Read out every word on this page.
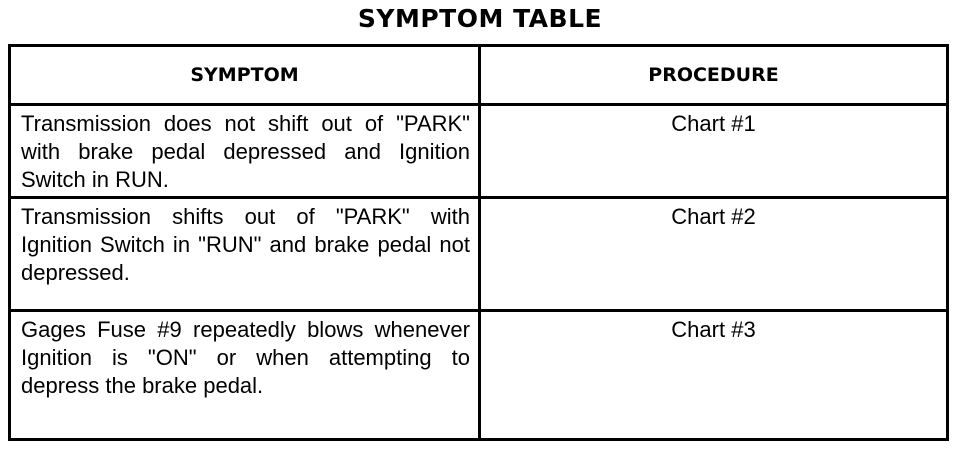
SYMPTOM TABLE
SYMPTOM	PROCEDURE
Transmission does not shift out of "PARK" with brake pedal depressed and Ignition Switch in RUN.	Chart #1
Transmission shifts out of "PARK" with Ignition Switch in "RUN" and brake pedal not depressed.	Chart #2
Gages Fuse #9 repeatedly blows whenever Ignition is "ON" or when attempting to depress the brake pedal.	Chart #3
